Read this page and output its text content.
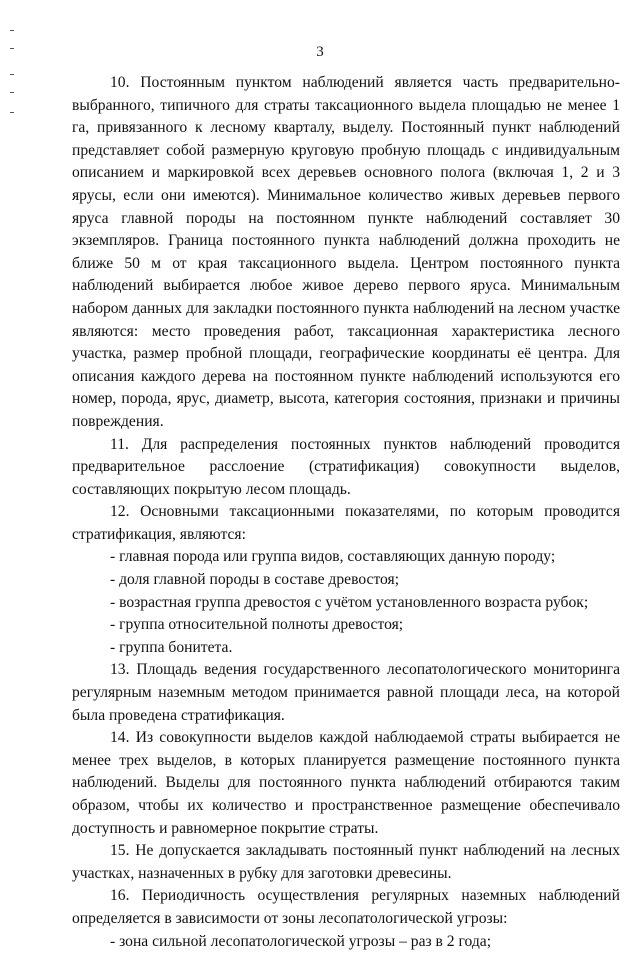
3

10. Постоянным пунктом наблюдений является часть предварительно-выбранного, типичного для страты таксационного выдела площадью не менее 1 га, привязанного к лесному кварталу, выделу. Постоянный пункт наблюдений представляет собой размерную круговую пробную площадь с индивидуальным описанием и маркировкой всех деревьев основного полога (включая 1, 2 и 3 ярусы, если они имеются). Минимальное количество живых деревьев первого яруса главной породы на постоянном пункте наблюдений составляет 30 экземпляров. Граница постоянного пункта наблюдений должна проходить не ближе 50 м от края таксационного выдела. Центром постоянного пункта наблюдений выбирается любое живое дерево первого яруса. Минимальным набором данных для закладки постоянного пункта наблюдений на лесном участке являются: место проведения работ, таксационная характеристика лесного участка, размер пробной площади, географические координаты её центра. Для описания каждого дерева на постоянном пункте наблюдений используются его номер, порода, ярус, диаметр, высота, категория состояния, признаки и причины повреждения.

11. Для распределения постоянных пунктов наблюдений проводится предварительное расслоение (стратификация) совокупности выделов, составляющих покрытую лесом площадь.

12. Основными таксационными показателями, по которым проводится стратификация, являются:

- главная порода или группа видов, составляющих данную породу;

- доля главной породы в составе древостоя;

- возрастная группа древостоя с учётом установленного возраста рубок;

- группа относительной полноты древостоя;

- группа бонитета.

13. Площадь ведения государственного лесопатологического мониторинга регулярным наземным методом принимается равной площади леса, на которой была проведена стратификация.

14. Из совокупности выделов каждой наблюдаемой страты выбирается не менее трех выделов, в которых планируется размещение постоянного пункта наблюдений. Выделы для постоянного пункта наблюдений отбираются таким образом, чтобы их количество и пространственное размещение обеспечивало доступность и равномерное покрытие страты.

15. Не допускается закладывать постоянный пункт наблюдений на лесных участках, назначенных в рубку для заготовки древесины.

16. Периодичность осуществления регулярных наземных наблюдений определяется в зависимости от зоны лесопатологической угрозы:

- зона сильной лесопатологической угрозы – раз в 2 года;
